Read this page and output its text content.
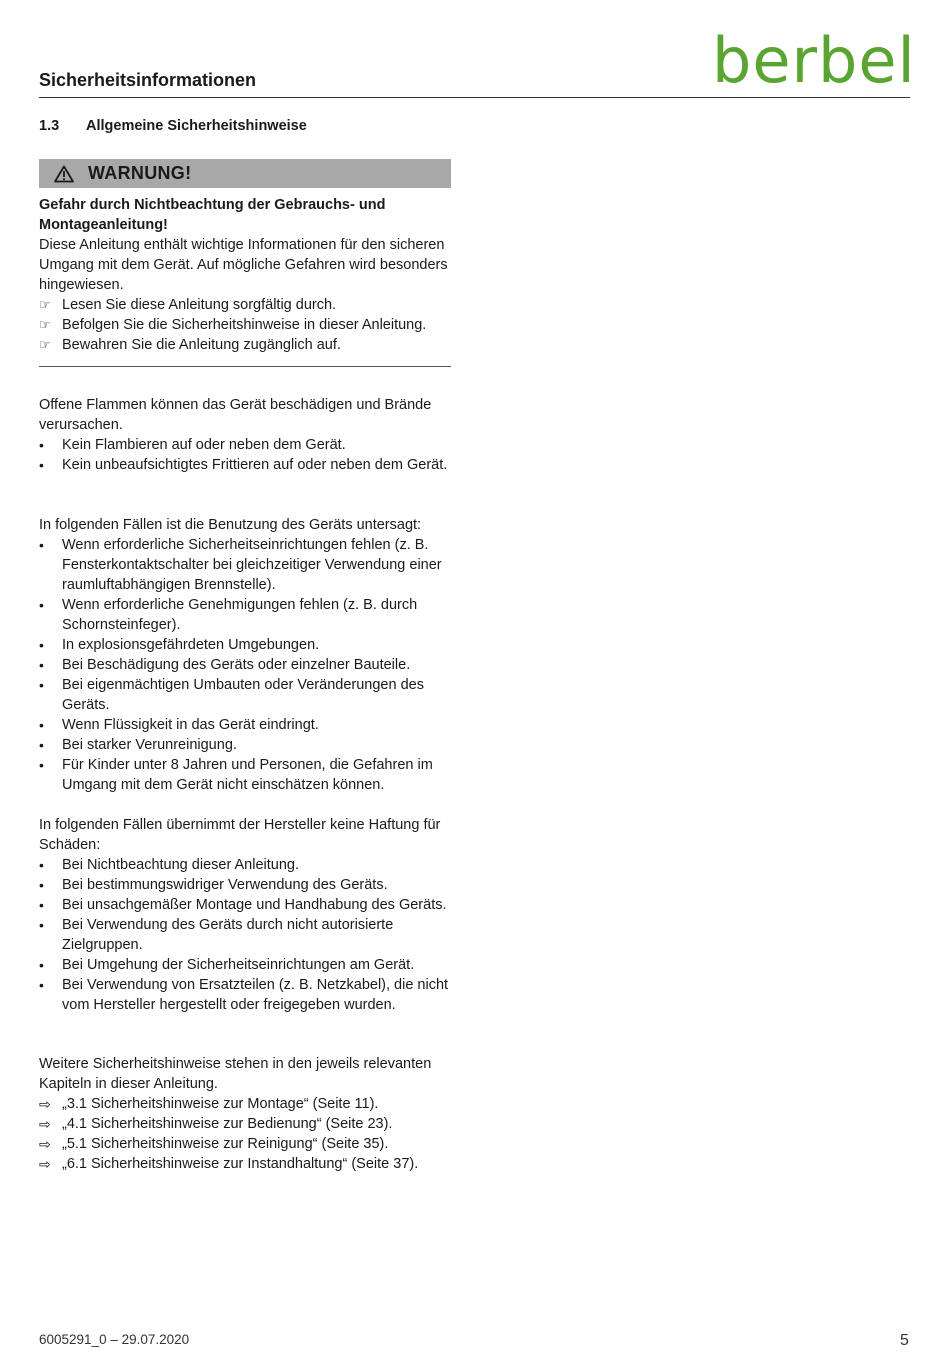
Sicherheitsinformationen	berbel
1.3 Allgemeine Sicherheitshinweise
WARNUNG!

Gefahr durch Nichtbeachtung der Gebrauchs- und Montageanleitung!

Diese Anleitung enthält wichtige Informationen für den sicheren Umgang mit dem Gerät. Auf mögliche Gefahren wird besonders hingewiesen.

☞ Lesen Sie diese Anleitung sorgfältig durch.
☞ Befolgen Sie die Sicherheitshinweise in dieser Anleitung.
☞ Bewahren Sie die Anleitung zugänglich auf.

Offene Flammen können das Gerät beschädigen und Brände verursachen.

•	Kein Flambieren auf oder neben dem Gerät.
•	Kein unbeaufsichtigtes Frittieren auf oder neben dem Gerät.

In folgenden Fällen ist die Benutzung des Geräts untersagt:

•	Wenn erforderliche Sicherheitseinrichtungen fehlen (z. B. Fensterkontaktschalter bei gleichzeitiger Verwendung einer raumluftabhängigen Brennstelle).
•	Wenn erforderliche Genehmigungen fehlen (z. B. durch Schornsteinfeger).
•	In explosionsgefährdeten Umgebungen.
•	Bei Beschädigung des Geräts oder einzelner Bauteile.
•	Bei eigenmächtigen Umbauten oder Veränderungen des Geräts.
•	Wenn Flüssigkeit in das Gerät eindringt.
•	Bei starker Verunreinigung.
•	Für Kinder unter 8 Jahren und Personen, die Gefahren im Umgang mit dem Gerät nicht einschätzen können.

In folgenden Fällen übernimmt der Hersteller keine Haftung für Schäden:

•	Bei Nichtbeachtung dieser Anleitung.
•	Bei bestimmungswidriger Verwendung des Geräts.
•	Bei unsachgemäßer Montage und Handhabung des Geräts.
•	Bei Verwendung des Geräts durch nicht autorisierte Zielgruppen.
•	Bei Umgehung der Sicherheitseinrichtungen am Gerät.
•	Bei Verwendung von Ersatzteilen (z. B. Netzkabel), die nicht vom Hersteller hergestellt oder freigegeben wurden.

Weitere Sicherheitshinweise stehen in den jeweils relevanten Kapiteln in dieser Anleitung.

⇨ „3.1 Sicherheitshinweise zur Montage“ (Seite 11).
⇨ „4.1 Sicherheitshinweise zur Bedienung“ (Seite 23).
⇨ „5.1 Sicherheitshinweise zur Reinigung“ (Seite 35).
⇨ „6.1 Sicherheitshinweise zur Instandhaltung“ (Seite 37).
6005291_0 – 29.07.2020	5
